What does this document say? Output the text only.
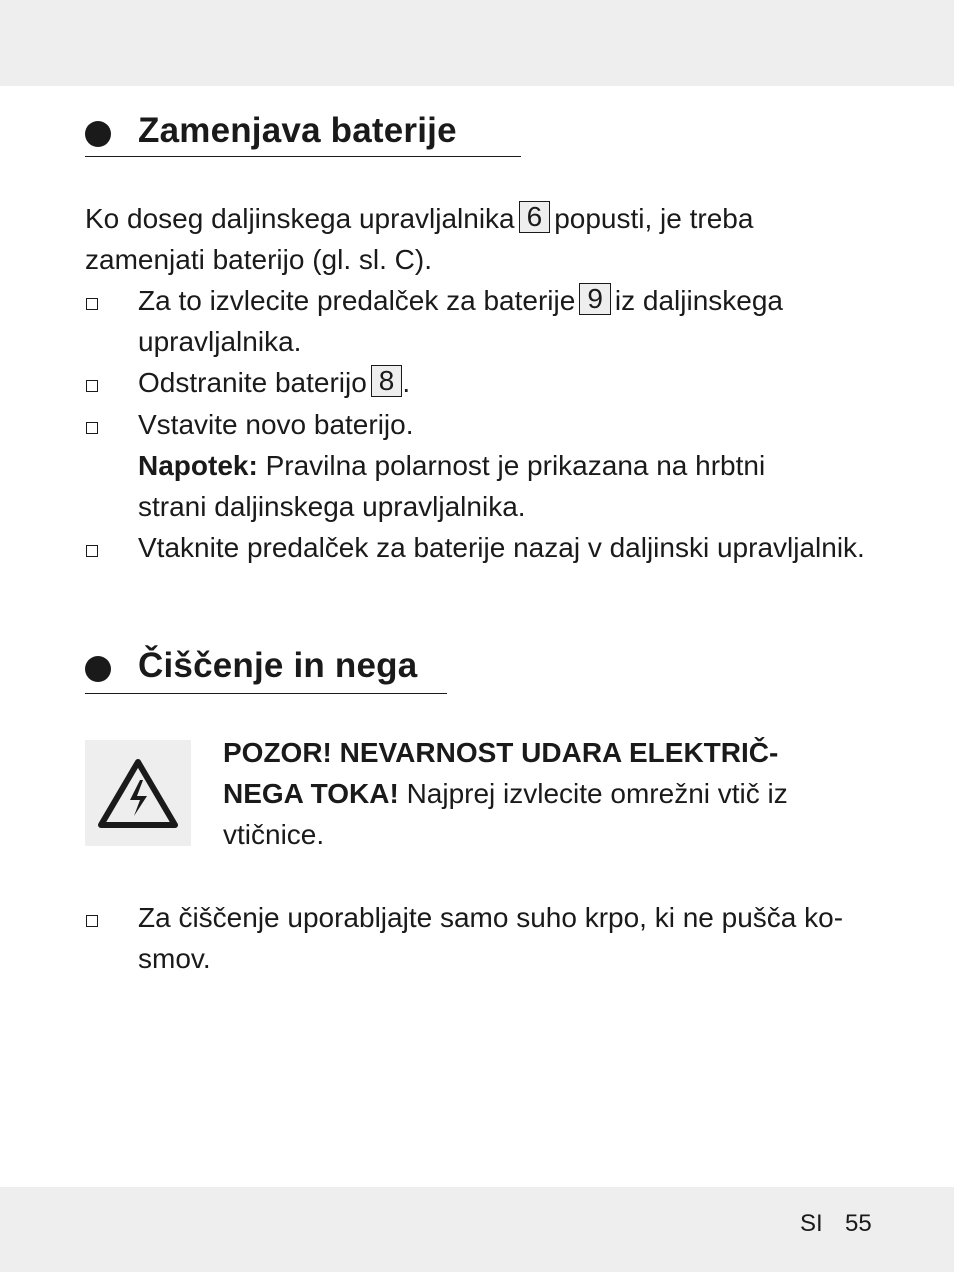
Zamenjava baterije
Ko doseg daljinskega upravljalnika 6 popusti, je treba
zamenjati baterijo (gl. sl. C).
Za to izvlecite predalček za baterije 9 iz daljinskega
upravljalnika.
Odstranite baterijo 8 .
Vstavite novo baterijo.
Napotek: Pravilna polarnost je prikazana na hrbtni
strani daljinskega upravljalnika.
Vtaknite predalček za baterije nazaj v daljinski upravljalnik.
Čiščenje in nega
POZOR! NEVARNOST UDARA ELEKTRIČ-
NEGA TOKA! Najprej izvlecite omrežni vtič iz
vtičnice.
Za čiščenje uporabljajte samo suho krpo, ki ne pušča ko-
smov.
SI 55
